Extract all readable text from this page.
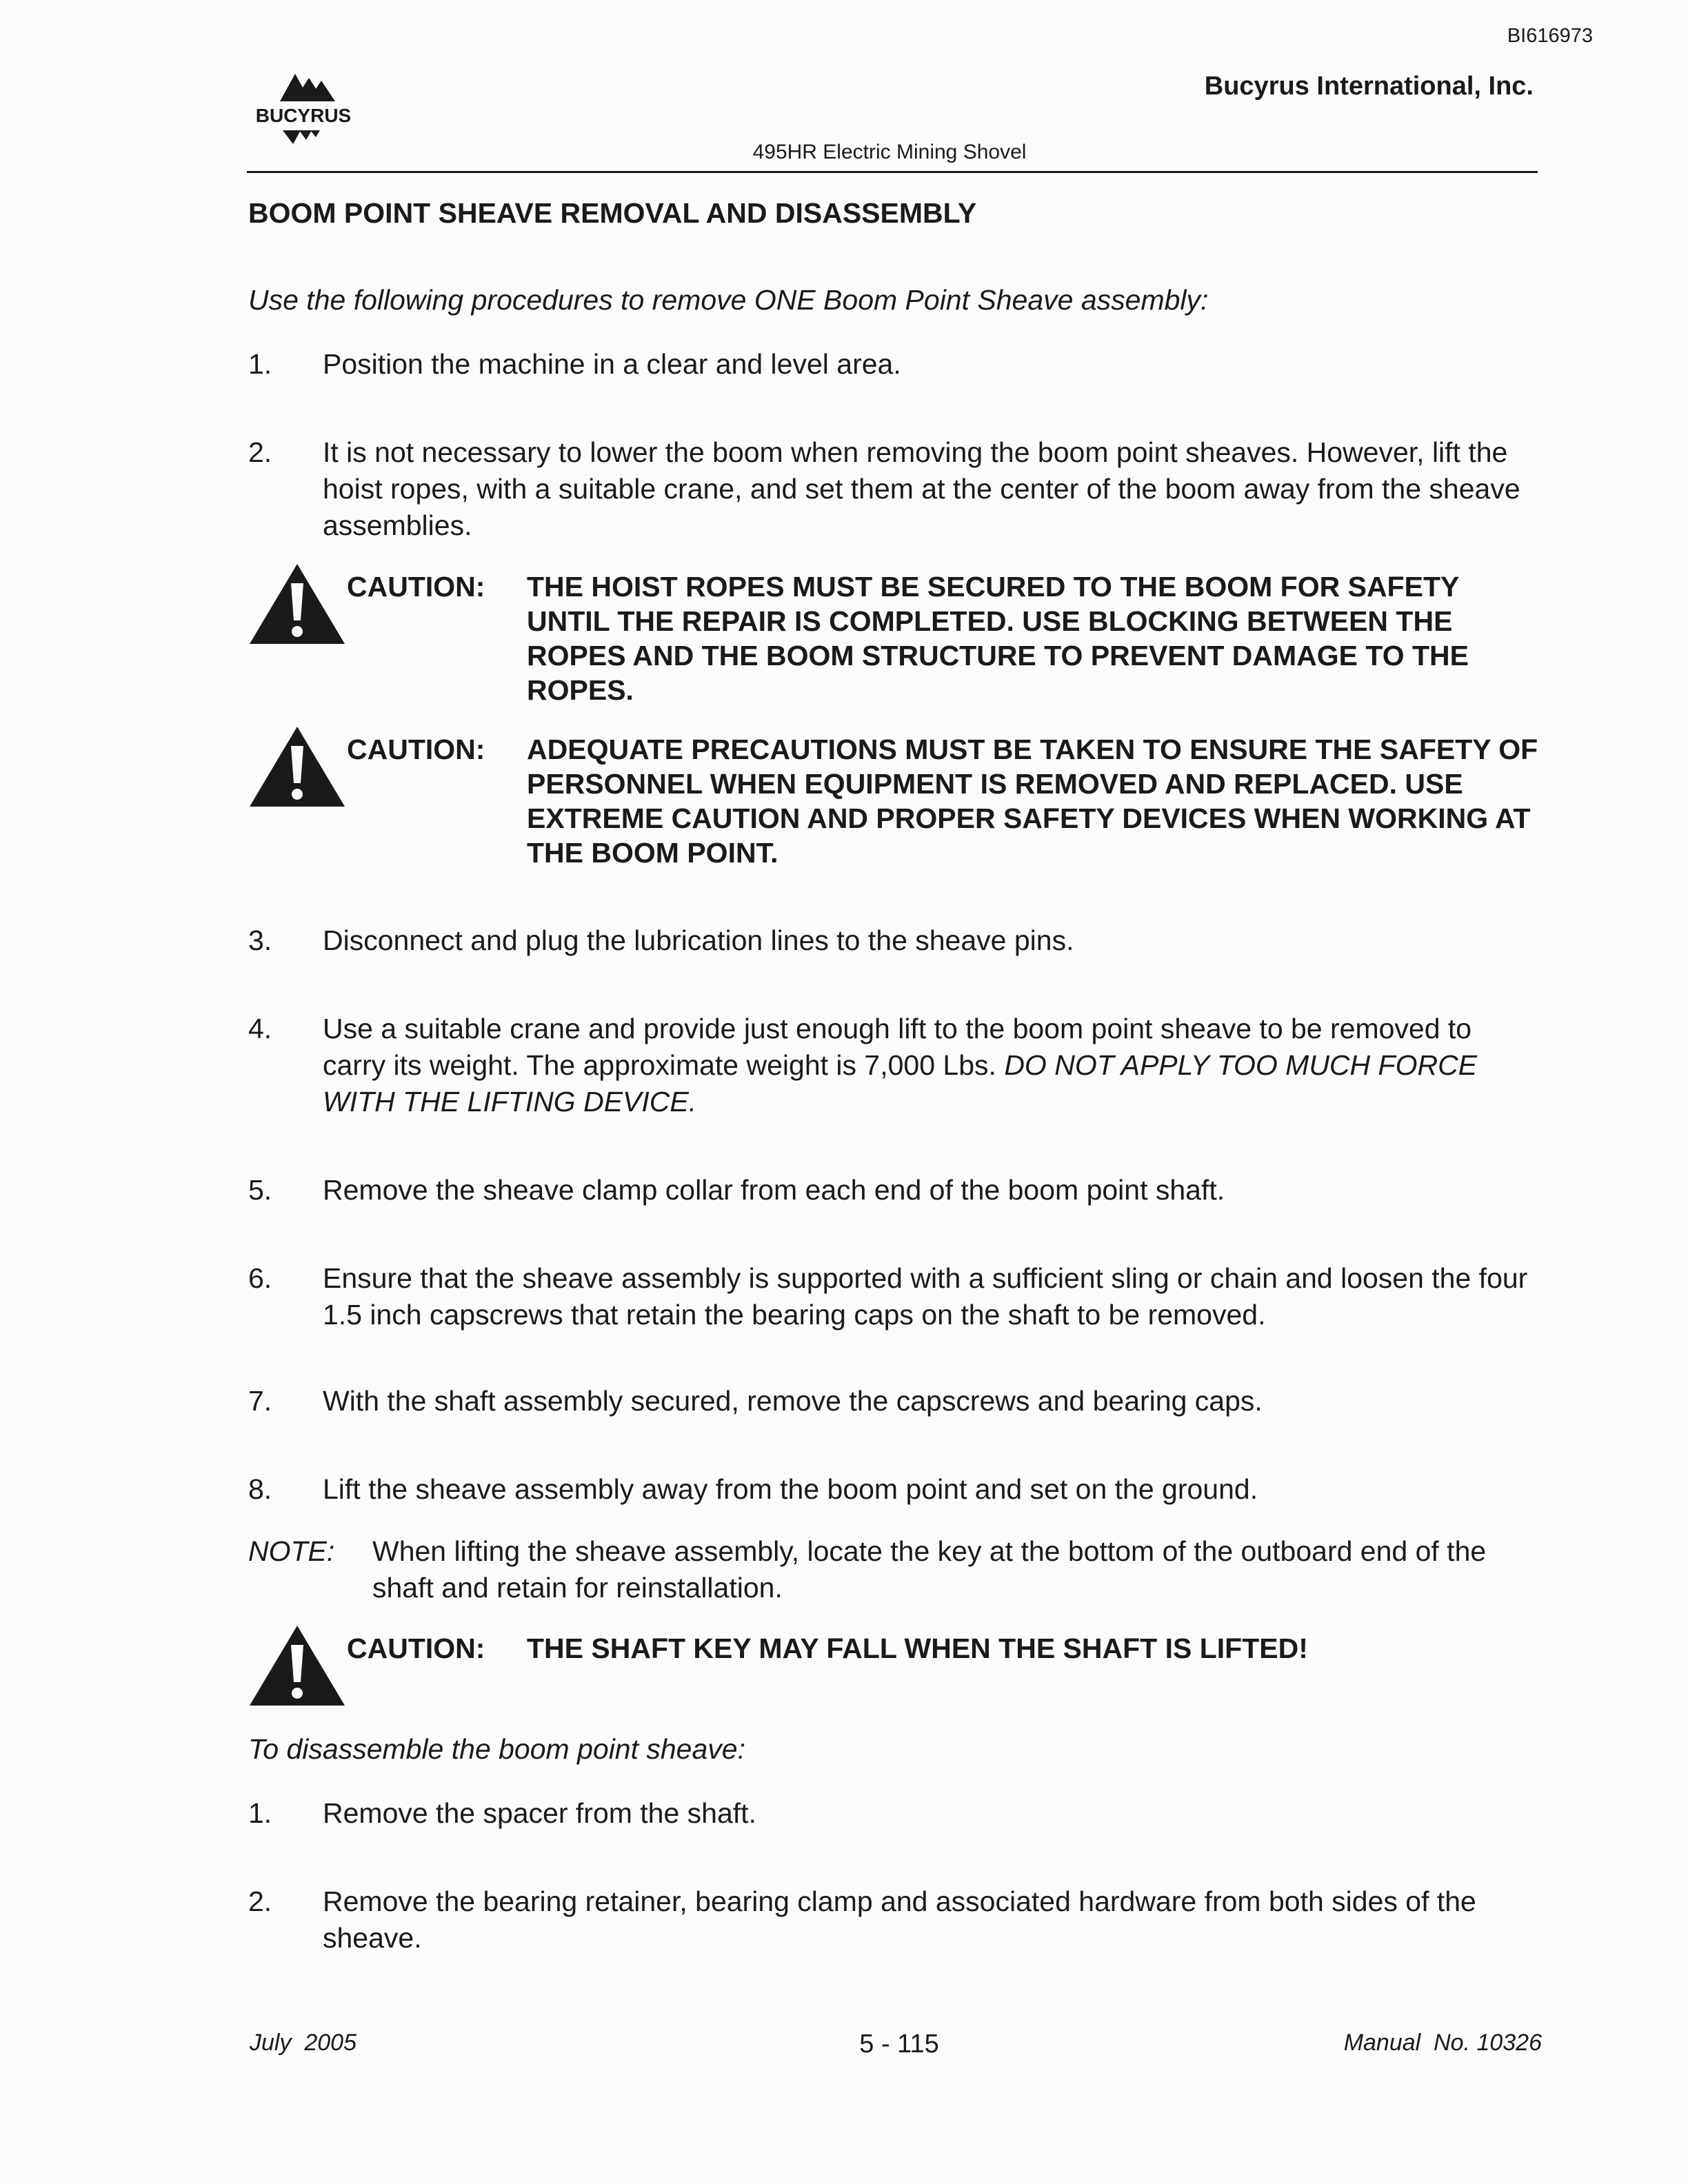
BI616973
BUCYRUS
Bucyrus International, Inc.
495HR Electric Mining Shovel
BOOM POINT SHEAVE REMOVAL AND DISASSEMBLY
Use the following procedures to remove ONE Boom Point Sheave assembly:
1. Position the machine in a clear and level area.
2. It is not necessary to lower the boom when removing the boom point sheaves. However, lift the hoist ropes, with a suitable crane, and set them at the center of the boom away from the sheave assemblies.
CAUTION: THE HOIST ROPES MUST BE SECURED TO THE BOOM FOR SAFETY UNTIL THE REPAIR IS COMPLETED. USE BLOCKING BETWEEN THE ROPES AND THE BOOM STRUCTURE TO PREVENT DAMAGE TO THE ROPES.
CAUTION: ADEQUATE PRECAUTIONS MUST BE TAKEN TO ENSURE THE SAFETY OF PERSONNEL WHEN EQUIPMENT IS REMOVED AND REPLACED. USE EXTREME CAUTION AND PROPER SAFETY DEVICES WHEN WORKING AT THE BOOM POINT.
3. Disconnect and plug the lubrication lines to the sheave pins.
4. Use a suitable crane and provide just enough lift to the boom point sheave to be removed to carry its weight. The approximate weight is 7,000 Lbs. DO NOT APPLY TOO MUCH FORCE WITH THE LIFTING DEVICE.
5. Remove the sheave clamp collar from each end of the boom point shaft.
6. Ensure that the sheave assembly is supported with a sufficient sling or chain and loosen the four 1.5 inch capscrews that retain the bearing caps on the shaft to be removed.
7. With the shaft assembly secured, remove the capscrews and bearing caps.
8. Lift the sheave assembly away from the boom point and set on the ground.
NOTE: When lifting the sheave assembly, locate the key at the bottom of the outboard end of the shaft and retain for reinstallation.
CAUTION: THE SHAFT KEY MAY FALL WHEN THE SHAFT IS LIFTED!
To disassemble the boom point sheave:
1. Remove the spacer from the shaft.
2. Remove the bearing retainer, bearing clamp and associated hardware from both sides of the sheave.
July  2005	5 - 115	Manual  No. 10326
